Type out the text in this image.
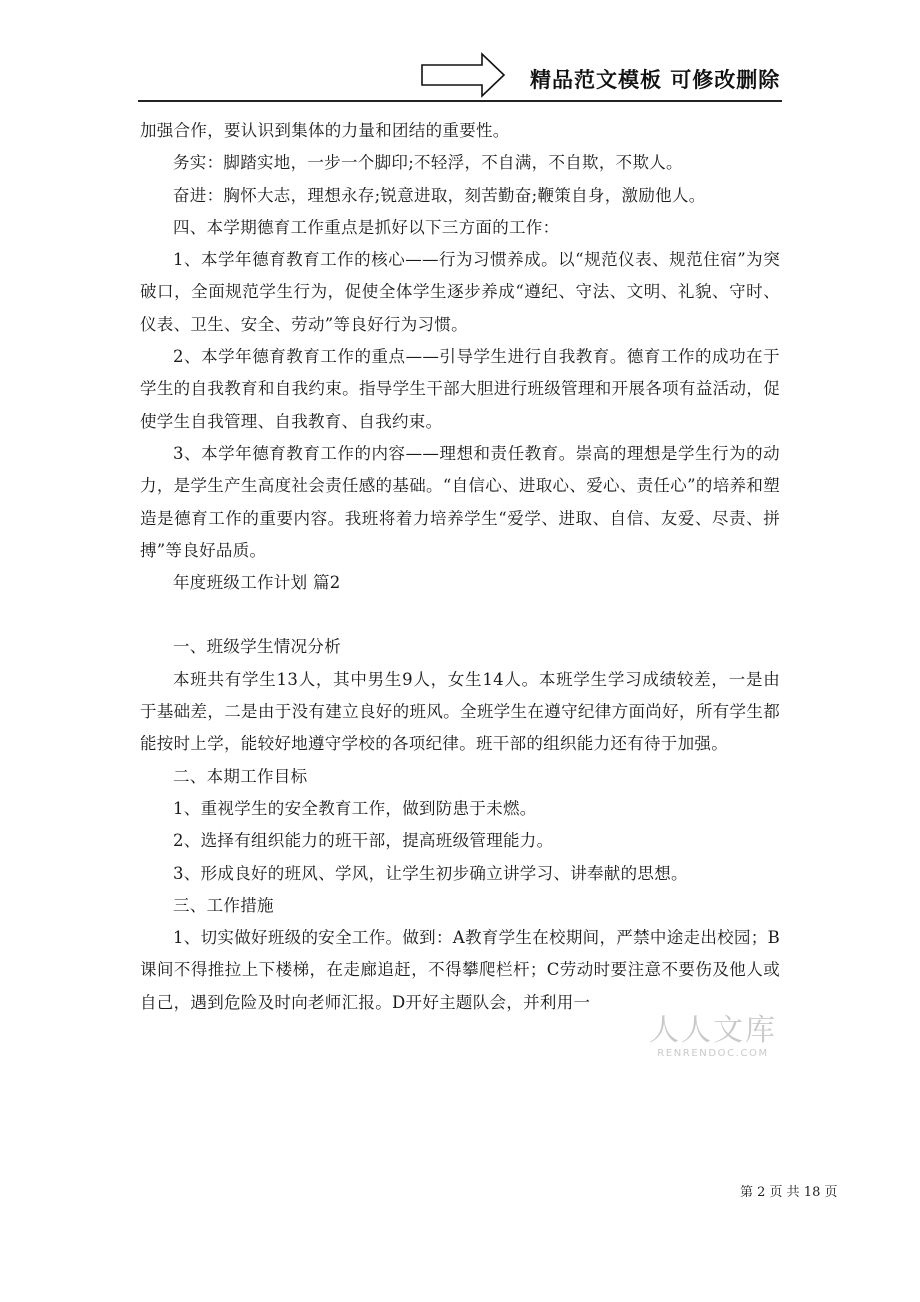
精品范文模板 可修改删除

加强合作，要认识到集体的力量和团结的重要性。

务实：脚踏实地，一步一个脚印;不轻浮，不自满，不自欺，不欺人。

奋进：胸怀大志，理想永存;锐意进取，刻苦勤奋;鞭策自身，激励他人。

四、本学期德育工作重点是抓好以下三方面的工作：

1、本学年德育教育工作的核心——行为习惯养成。以“规范仪表、规范住宿”为突破口，全面规范学生行为，促使全体学生逐步养成“遵纪、守法、文明、礼貌、守时、仪表、卫生、安全、劳动”等良好行为习惯。

2、本学年德育教育工作的重点——引导学生进行自我教育。德育工作的成功在于学生的自我教育和自我约束。指导学生干部大胆进行班级管理和开展各项有益活动，促使学生自我管理、自我教育、自我约束。

3、本学年德育教育工作的内容——理想和责任教育。崇高的理想是学生行为的动力，是学生产生高度社会责任感的基础。“自信心、进取心、爱心、责任心”的培养和塑造是德育工作的重要内容。我班将着力培养学生“爱学、进取、自信、友爱、尽责、拼搏”等良好品质。

年度班级工作计划 篇2

一、班级学生情况分析

本班共有学生13人，其中男生9人，女生14人。本班学生学习成绩较差，一是由于基础差，二是由于没有建立良好的班风。全班学生在遵守纪律方面尚好，所有学生都能按时上学，能较好地遵守学校的各项纪律。班干部的组织能力还有待于加强。

二、本期工作目标

1、重视学生的安全教育工作，做到防患于未燃。

2、选择有组织能力的班干部，提高班级管理能力。

3、形成良好的班风、学风，让学生初步确立讲学习、讲奉献的思想。

三、工作措施

1、切实做好班级的安全工作。做到：A教育学生在校期间，严禁中途走出校园；B课间不得推拉上下楼梯，在走廊追赶，不得攀爬栏杆；C劳动时要注意不要伤及他人或自己，遇到危险及时向老师汇报。D开好主题队会，并利用一

人人文库
RENRENDOC.COM
第 2 页 共 18 页
